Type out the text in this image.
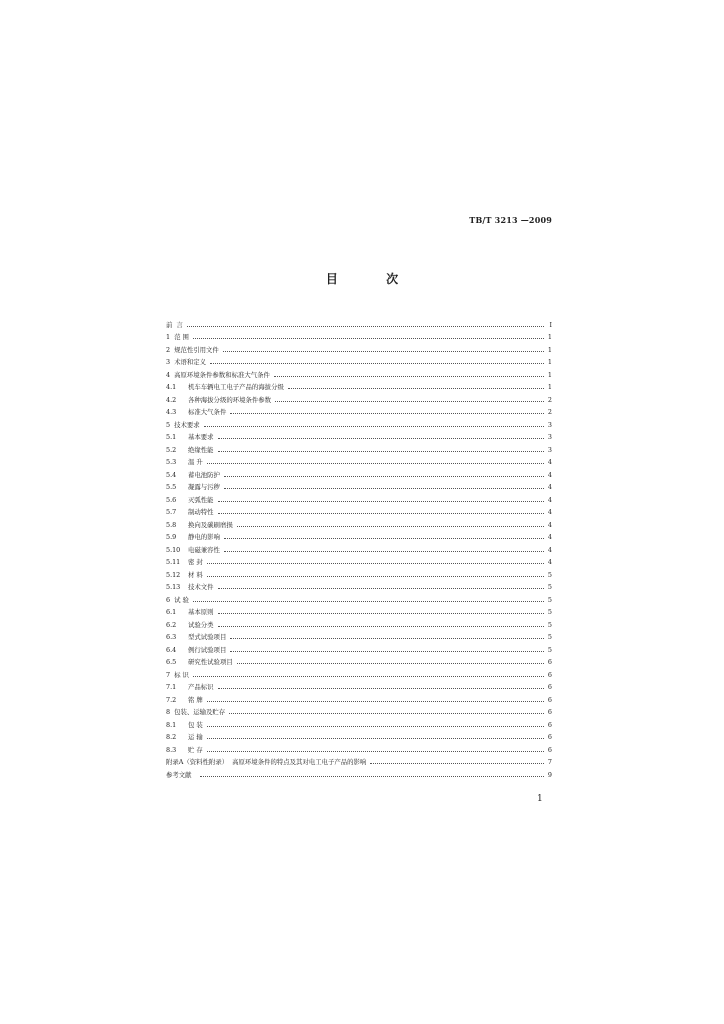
TB/T 3213 —2009
目 次
前 言	Ⅰ
1 范 围	1
2 规范性引用文件	1
3 术语和定义	1
4 高原环境条件参数和标准大气条件	1
4.1	机车车辆电工电子产品的海拔分级	1
4.2	各种海拔分级的环境条件参数	2
4.3	标准大气条件	2
5 技术要求	3
5.1	基本要求	3
5.2	绝缘性能	3
5.3	温 升	4
5.4	蓄电池防护	4
5.5	凝露与污秽	4
5.6	灭弧性能	4
5.7	制动特性	4
5.8	换向及碳刷磨损	4
5.9	静电的影响	4
5.10	电磁兼容性	4
5.11	密 封	4
5.12	材 料	5
5.13	技术文件	5
6 试 验	5
6.1	基本原则	5
6.2	试验分类	5
6.3	型式试验项目	5
6.4	例行试验项目	5
6.5	研究性试验项目	6
7 标 识	6
7.1	产品标识	6
7.2	铭 牌	6
8 包装、运输及贮存	6
8.1	包 装	6
8.2	运 输	6
8.3	贮 存	6
附录A（资料性附录） 高原环境条件的特点及其对电工电子产品的影响	7
参考文献	9
1
